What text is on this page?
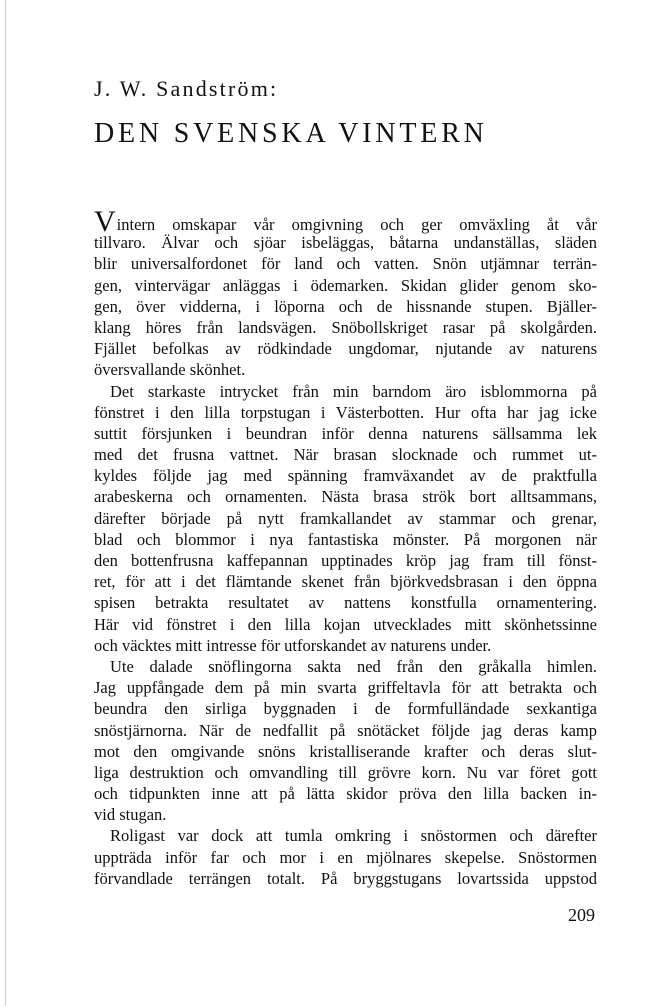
J. W. Sandström:
DEN SVENSKA VINTERN
Vintern omskapar vår omgivning och ger omväxling åt vår
tillvaro. Älvar och sjöar isbeläggas, båtarna undanställas, släden
blir universalfordonet för land och vatten. Snön utjämnar terrän-
gen, vintervägar anläggas i ödemarken. Skidan glider genom sko-
gen, över vidderna, i löporna och de hissnande stupen. Bjäller-
klang höres från landsvägen. Snöbollskriget rasar på skolgården.
Fjället befolkas av rödkindade ungdomar, njutande av naturens
översvallande skönhet.
Det starkaste intrycket från min barndom äro isblommorna på
fönstret i den lilla torpstugan i Västerbotten. Hur ofta har jag icke
suttit försjunken i beundran inför denna naturens sällsamma lek
med det frusna vattnet. När brasan slocknade och rummet ut-
kyldes följde jag med spänning framväxandet av de praktfulla
arabeskerna och ornamenten. Nästa brasa strök bort alltsammans,
därefter började på nytt framkallandet av stammar och grenar,
blad och blommor i nya fantastiska mönster. På morgonen när
den bottenfrusna kaffepannan upptinades kröp jag fram till fönst-
ret, för att i det flämtande skenet från björkvedsbrasan i den öppna
spisen betrakta resultatet av nattens konstfulla ornamentering.
Här vid fönstret i den lilla kojan utvecklades mitt skönhetssinne
och väcktes mitt intresse för utforskandet av naturens under.
Ute dalade snöflingorna sakta ned från den gråkalla himlen.
Jag uppfångade dem på min svarta griffeltavla för att betrakta och
beundra den sirliga byggnaden i de formfulländade sexkantiga
snöstjärnorna. När de nedfallit på snötäcket följde jag deras kamp
mot den omgivande snöns kristalliserande krafter och deras slut-
liga destruktion och omvandling till grövre korn. Nu var föret gott
och tidpunkten inne att på lätta skidor pröva den lilla backen in-
vid stugan.
Roligast var dock att tumla omkring i snöstormen och därefter
uppträda inför far och mor i en mjölnares skepelse. Snöstormen
förvandlade terrängen totalt. På bryggstugans lovartssida uppstod
209
